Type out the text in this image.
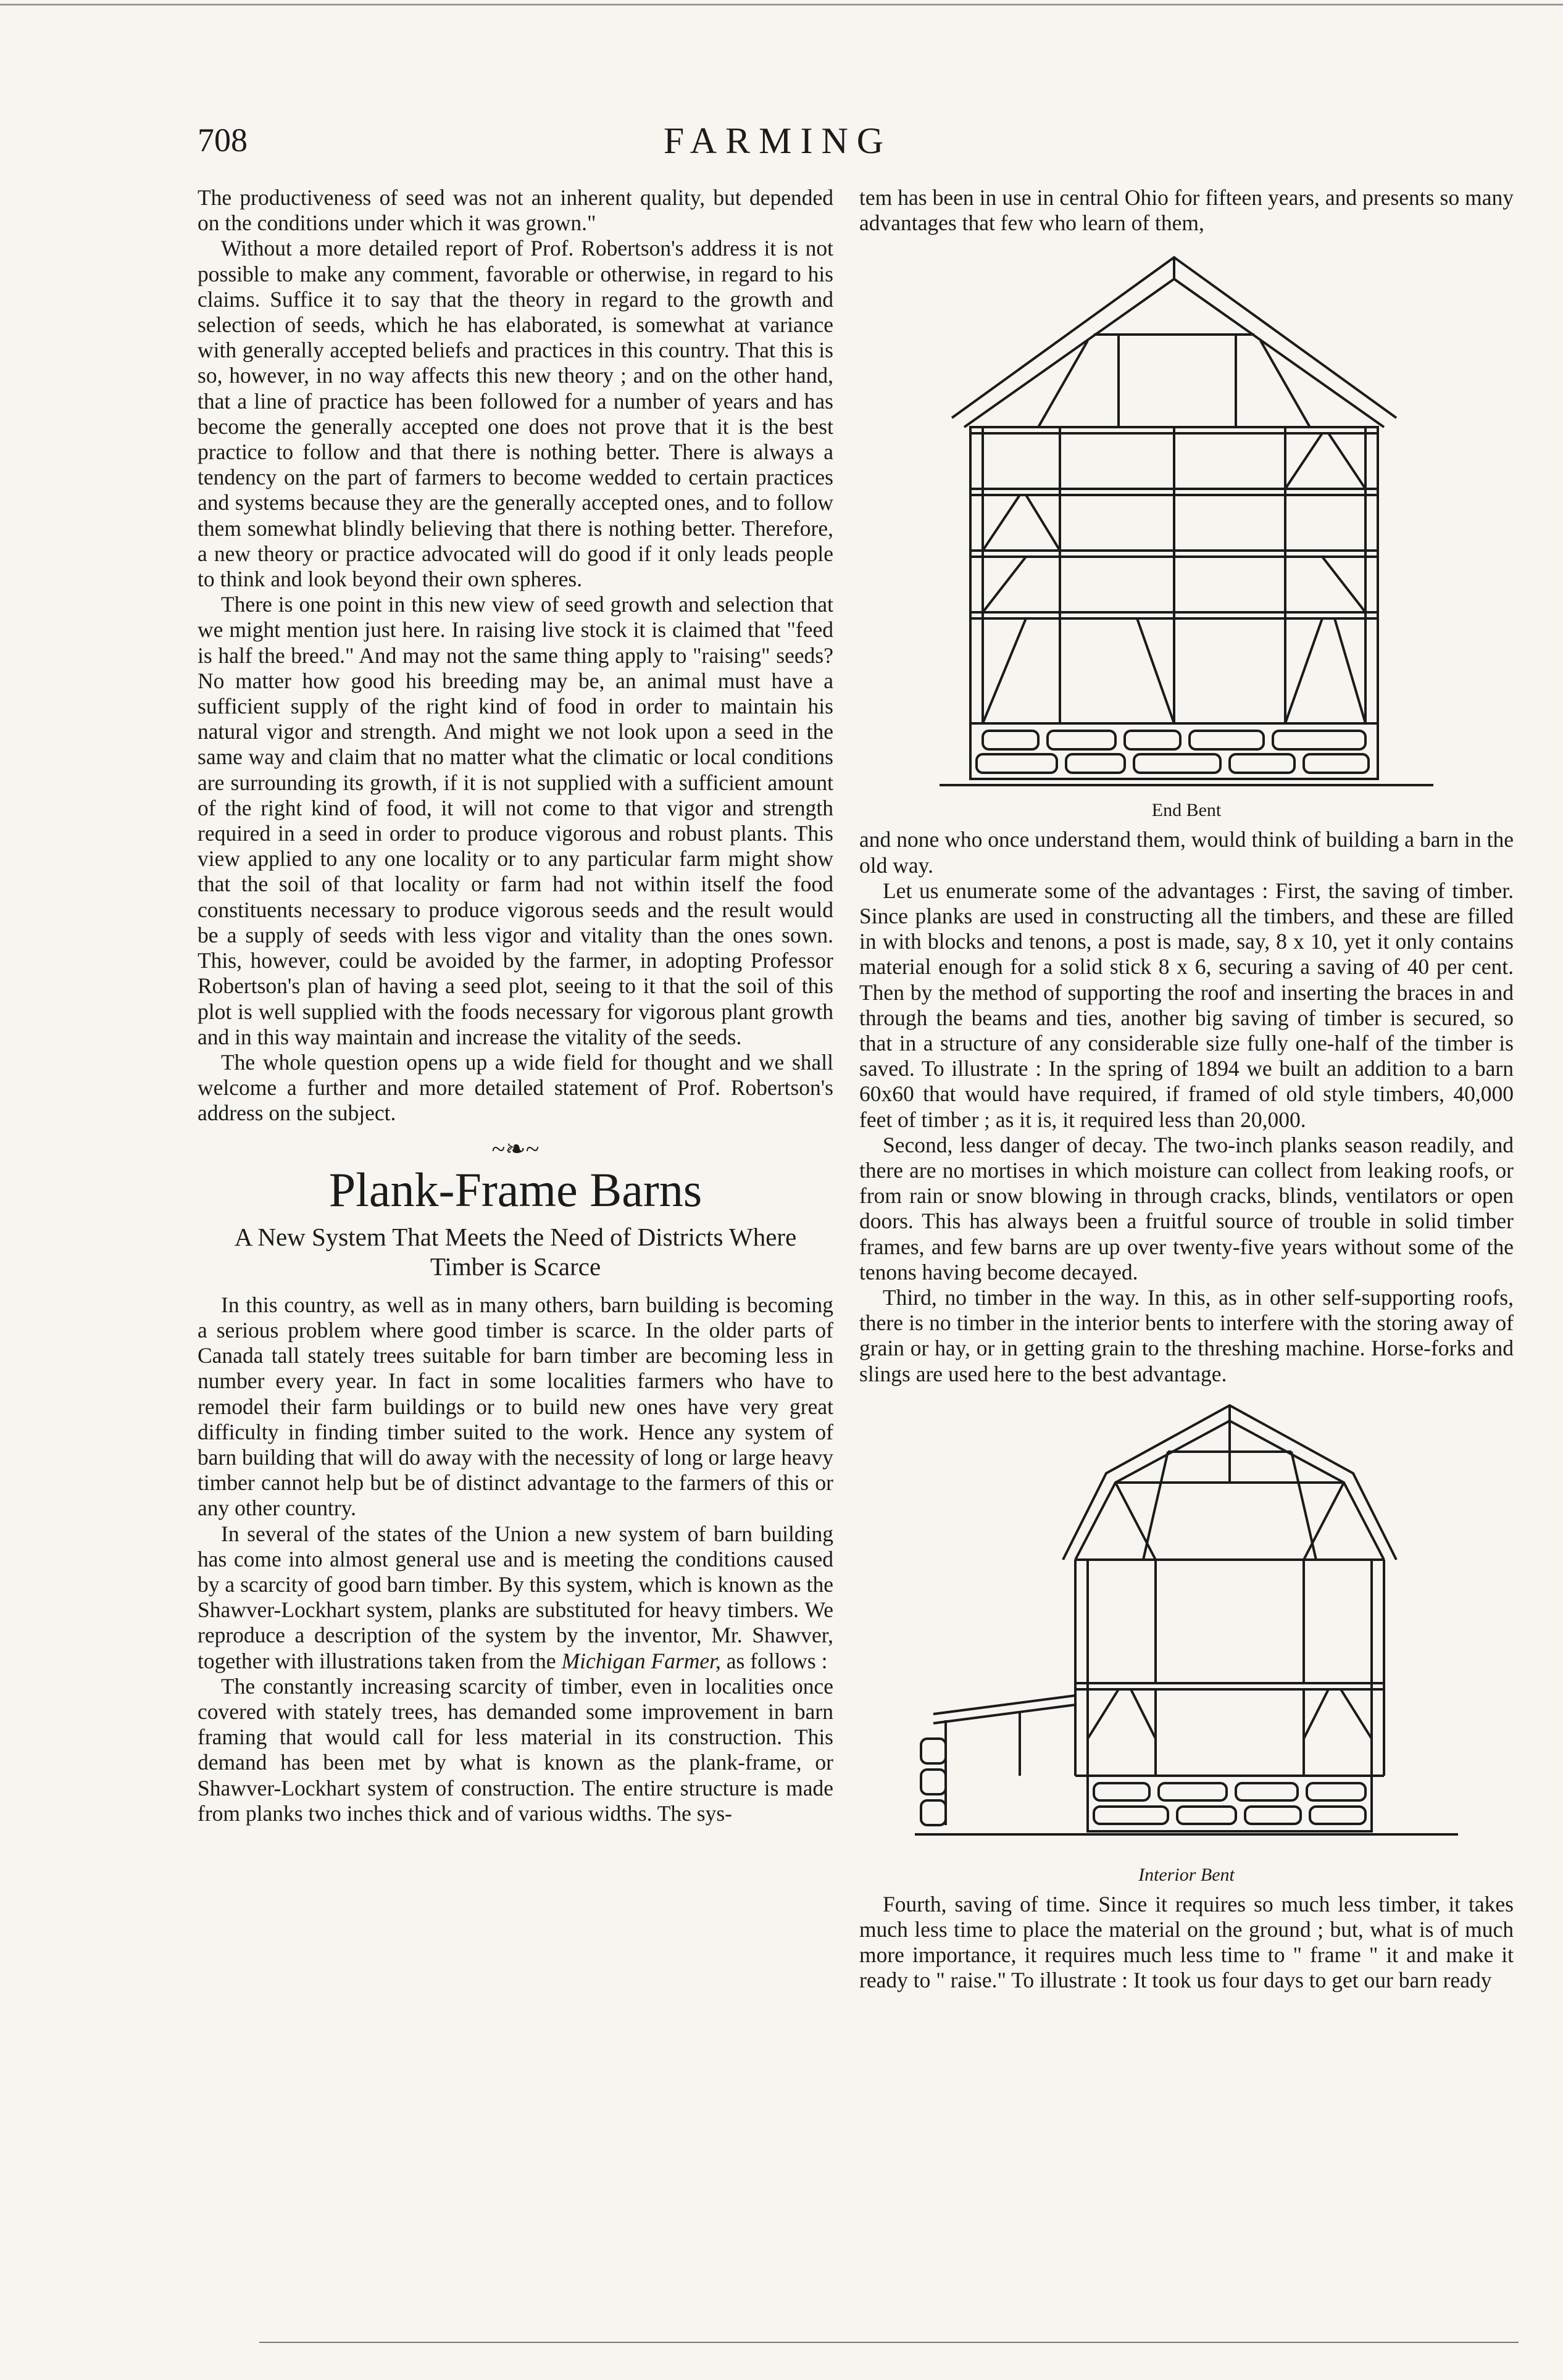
708	FARMING

The productiveness of seed was not an inherent quality, but depended on the conditions under which it was grown."

Without a more detailed report of Prof. Robertson's address it is not possible to make any comment, favorable or otherwise, in regard to his claims. Suffice it to say that the theory in regard to the growth and selection of seeds, which he has elaborated, is somewhat at variance with generally accepted beliefs and practices in this country. That this is so, however, in no way affects this new theory ; and on the other hand, that a line of practice has been followed for a number of years and has become the generally accepted one does not prove that it is the best practice to follow and that there is nothing better. There is always a tendency on the part of farmers to become wedded to certain practices and systems because they are the generally accepted ones, and to follow them somewhat blindly believing that there is nothing better. Therefore, a new theory or practice advocated will do good if it only leads people to think and look beyond their own spheres.

There is one point in this new view of seed growth and selection that we might mention just here. In raising live stock it is claimed that "feed is half the breed." And may not the same thing apply to "raising" seeds? No matter how good his breeding may be, an animal must have a sufficient supply of the right kind of food in order to maintain his natural vigor and strength. And might we not look upon a seed in the same way and claim that no matter what the climatic or local conditions are surrounding its growth, if it is not supplied with a sufficient amount of the right kind of food, it will not come to that vigor and strength required in a seed in order to produce vigorous and robust plants. This view applied to any one locality or to any particular farm might show that the soil of that locality or farm had not within itself the food constituents necessary to produce vigorous seeds and the result would be a supply of seeds with less vigor and vitality than the ones sown. This, however, could be avoided by the farmer, in adopting Professor Robertson's plan of having a seed plot, seeing to it that the soil of this plot is well supplied with the foods necessary for vigorous plant growth and in this way maintain and increase the vitality of the seeds.

The whole question opens up a wide field for thought and we shall welcome a further and more detailed statement of Prof. Robertson's address on the subject.

~❧~
Plank-Frame Barns
A New System That Meets the Need of Districts Where Timber is Scarce

In this country, as well as in many others, barn building is becoming a serious problem where good timber is scarce. In the older parts of Canada tall stately trees suitable for barn timber are becoming less in number every year. In fact in some localities farmers who have to remodel their farm buildings or to build new ones have very great difficulty in finding timber suited to the work. Hence any system of barn building that will do away with the necessity of long or large heavy timber cannot help but be of distinct advantage to the farmers of this or any other country.

In several of the states of the Union a new system of barn building has come into almost general use and is meeting the conditions caused by a scarcity of good barn timber. By this system, which is known as the Shawver-Lockhart system, planks are substituted for heavy timbers. We reproduce a description of the system by the inventor, Mr. Shawver, together with illustrations taken from the Michigan Farmer, as follows :

The constantly increasing scarcity of timber, even in localities once covered with stately trees, has demanded some improvement in barn framing that would call for less material in its construction. This demand has been met by what is known as the plank-frame, or Shawver-Lockhart system of construction. The entire structure is made from planks two inches thick and of various widths. The sys-

tem has been in use in central Ohio for fifteen years, and presents so many advantages that few who learn of them,

End Bent

and none who once understand them, would think of building a barn in the old way.

Let us enumerate some of the advantages : First, the saving of timber. Since planks are used in constructing all the timbers, and these are filled in with blocks and tenons, a post is made, say, 8 x 10, yet it only contains material enough for a solid stick 8 x 6, securing a saving of 40 per cent. Then by the method of supporting the roof and inserting the braces in and through the beams and ties, another big saving of timber is secured, so that in a structure of any considerable size fully one-half of the timber is saved. To illustrate : In the spring of 1894 we built an addition to a barn 60x60 that would have required, if framed of old style timbers, 40,000 feet of timber ; as it is, it required less than 20,000.

Second, less danger of decay. The two-inch planks season readily, and there are no mortises in which moisture can collect from leaking roofs, or from rain or snow blowing in through cracks, blinds, ventilators or open doors. This has always been a fruitful source of trouble in solid timber frames, and few barns are up over twenty-five years without some of the tenons having become decayed.

Third, no timber in the way. In this, as in other self-supporting roofs, there is no timber in the interior bents to interfere with the storing away of grain or hay, or in getting grain to the threshing machine. Horse-forks and slings are used here to the best advantage.

Interior Bent

Fourth, saving of time. Since it requires so much less timber, it takes much less time to place the material on the ground ; but, what is of much more importance, it requires much less time to " frame " it and make it ready to " raise." To illustrate : It took us four days to get our barn ready
